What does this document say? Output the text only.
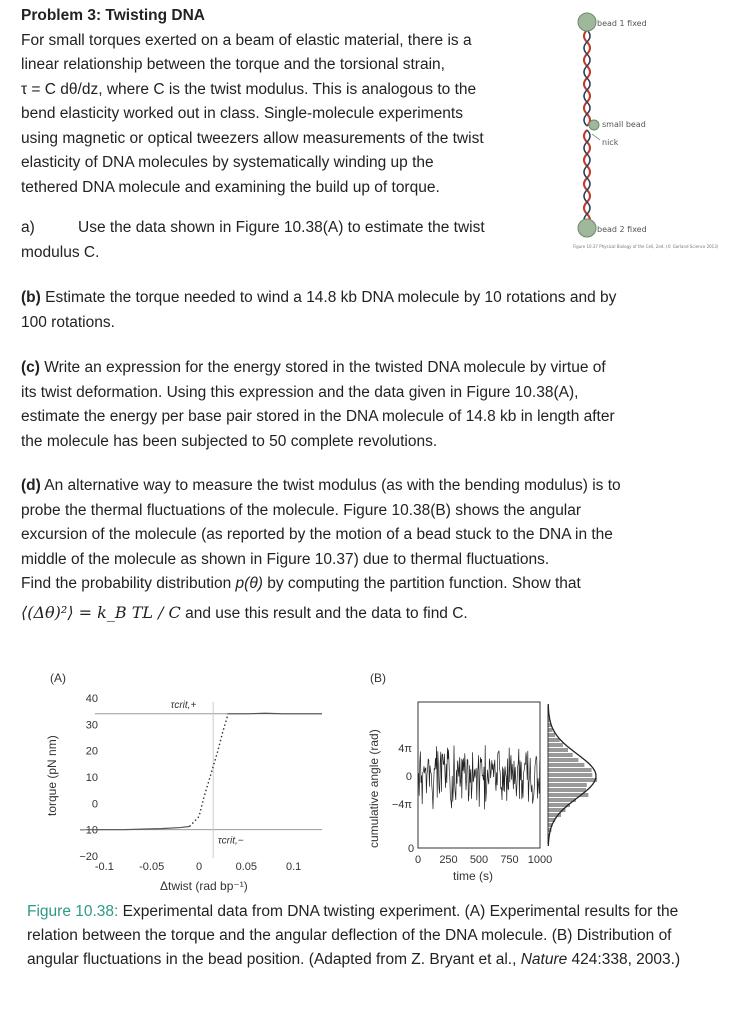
Problem 3: Twisting DNA

For small torques exerted on a beam of elastic material, there is a

linear relationship between the torque and the torsional strain,

τ = C dθ/dz, where C is the twist modulus. This is analogous to the

bend elasticity worked out in class. Single-molecule experiments

using magnetic or optical tweezers allow measurements of the twist

elasticity of DNA molecules by systematically winding up the

tethered DNA molecule and examining the build up of torque.

a)	Use the data shown in Figure 10.38(A) to estimate the twist

modulus C.

(b) Estimate the torque needed to wind a 14.8 kb DNA molecule by 10 rotations and by

100 rotations.

(c) Write an expression for the energy stored in the twisted DNA molecule by virtue of

its twist deformation. Using this expression and the data given in Figure 10.38(A),

estimate the energy per base pair stored in the DNA molecule of 14.8 kb in length after

the molecule has been subjected to 50 complete revolutions.

(d) An alternative way to measure the twist modulus (as with the bending modulus) is to

probe the thermal fluctuations of the molecule. Figure 10.38(B) shows the angular

excursion of the molecule (as reported by the motion of a bead stuck to the DNA in the

middle of the molecule as shown in Figure 10.37) due to thermal fluctuations.

Find the probability distribution p(θ) by computing the partition function. Show that

⟨(Δθ)²⟩ = k_B TL / C and use this result and the data to find C.

bead 1 fixed
small bead
nick
bead 2 fixed
Figure 10.37 Physical Biology of the Cell, 2ed. (© Garland Science 2013)
(A)
40
30
20
10
0
−10
−20
-0.1 -0.05	0	0.05	0.1
τcrit,+
τcrit,−
torque (pN nm)
Δtwist (rad bp⁻¹)
(B)
cumulative angle (rad) 4π
0
−4π
0 250 500 750 1000
0
time (s)
Figure 10.38: Experimental data from DNA twisting experiment. (A) Experimental results for the relation between the torque and the angular deflection of the DNA molecule. (B) Distribution of angular fluctuations in the bead position. (Adapted from Z. Bryant et al., Nature 424:338, 2003.)
